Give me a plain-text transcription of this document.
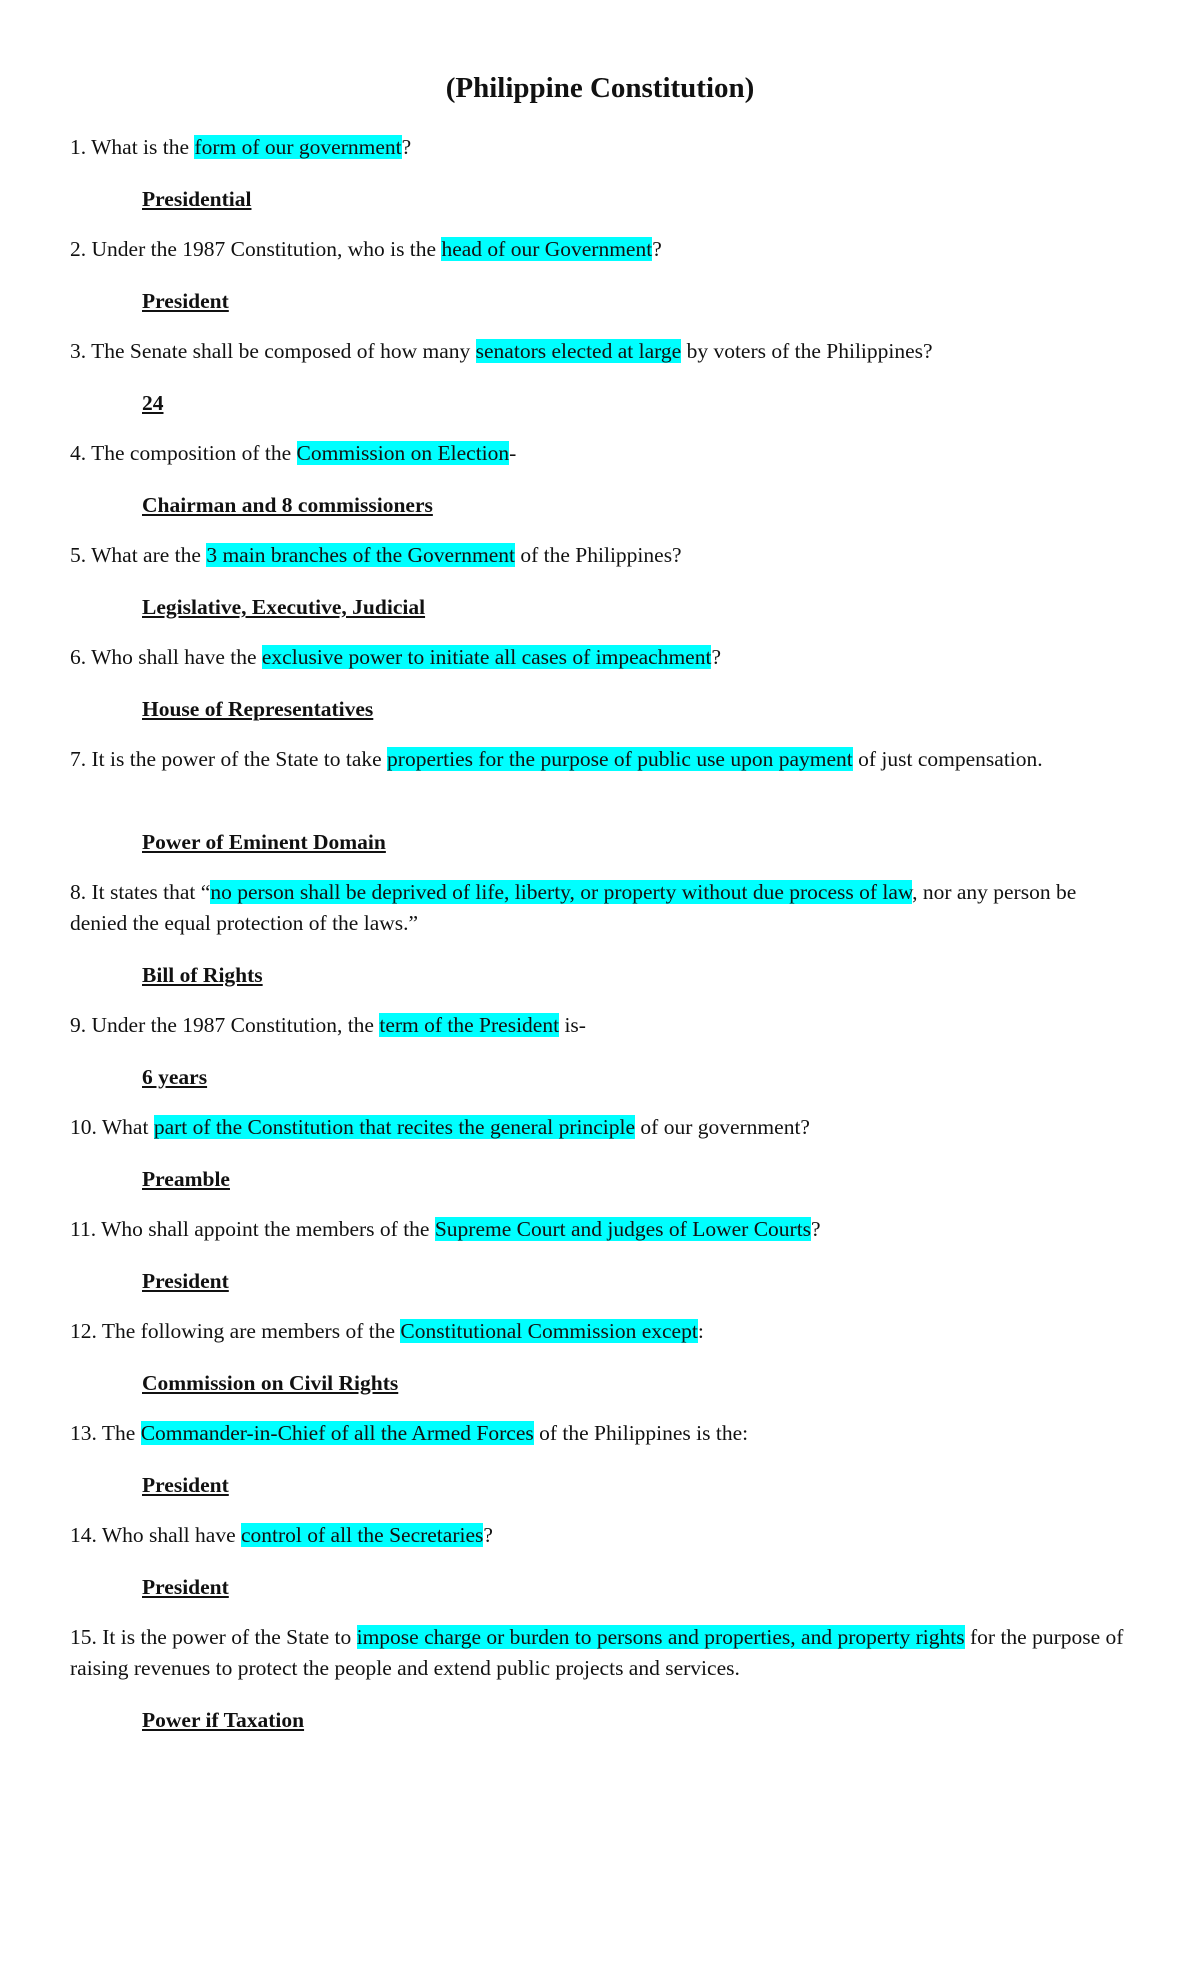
(Philippine Constitution)
1. What is the form of our government?
Presidential
2. Under the 1987 Constitution, who is the head of our Government?
President
3. The Senate shall be composed of how many senators elected at large by voters of the Philippines?
24
4. The composition of the Commission on Election-
Chairman and 8 commissioners
5. What are the 3 main branches of the Government of the Philippines?
Legislative, Executive, Judicial
6. Who shall have the exclusive power to initiate all cases of impeachment?
House of Representatives
7. It is the power of the State to take properties for the purpose of public use upon payment of just compensation.
Power of Eminent Domain
8. It states that “no person shall be deprived of life, liberty, or property without due process of law, nor any person be denied the equal protection of the laws.”
Bill of Rights
9. Under the 1987 Constitution, the term of the President is-
6 years
10. What part of the Constitution that recites the general principle of our government?
Preamble
11. Who shall appoint the members of the Supreme Court and judges of Lower Courts?
President
12. The following are members of the Constitutional Commission except:
Commission on Civil Rights
13. The Commander-in-Chief of all the Armed Forces of the Philippines is the:
President
14. Who shall have control of all the Secretaries?
President
15. It is the power of the State to impose charge or burden to persons and properties, and property rights for the purpose of raising revenues to protect the people and extend public projects and services.
Power if Taxation
